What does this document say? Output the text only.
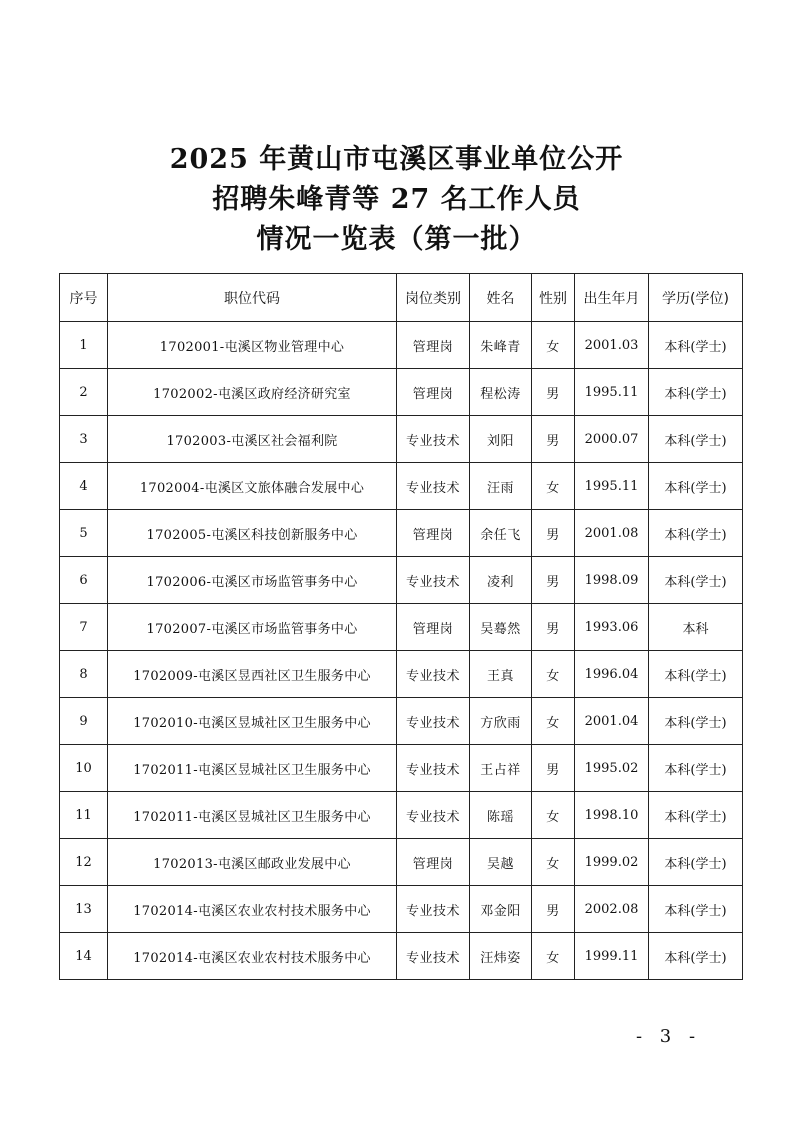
2025 年黄山市屯溪区事业单位公开
招聘朱峰青等 27 名工作人员
情况一览表（第一批）
序号	职位代码	岗位类别	姓名	性别	出生年月	学历(学位)
1	1702001-屯溪区物业管理中心	管理岗	朱峰青	女	2001.03	本科(学士)
2	1702002-屯溪区政府经济研究室	管理岗	程松涛	男	1995.11	本科(学士)
3	1702003-屯溪区社会福利院	专业技术	刘阳	男	2000.07	本科(学士)
4	1702004-屯溪区文旅体融合发展中心	专业技术	汪雨	女	1995.11	本科(学士)
5	1702005-屯溪区科技创新服务中心	管理岗	余任飞	男	2001.08	本科(学士)
6	1702006-屯溪区市场监管事务中心	专业技术	凌利	男	1998.09	本科(学士)
7	1702007-屯溪区市场监管事务中心	管理岗	吴蓦然	男	1993.06	本科
8	1702009-屯溪区昱西社区卫生服务中心	专业技术	王真	女	1996.04	本科(学士)
9	1702010-屯溪区昱城社区卫生服务中心	专业技术	方欣雨	女	2001.04	本科(学士)
10	1702011-屯溪区昱城社区卫生服务中心	专业技术	王占祥	男	1995.02	本科(学士)
11	1702011-屯溪区昱城社区卫生服务中心	专业技术	陈瑶	女	1998.10	本科(学士)
12	1702013-屯溪区邮政业发展中心	管理岗	吴越	女	1999.02	本科(学士)
13	1702014-屯溪区农业农村技术服务中心	专业技术	邓金阳	男	2002.08	本科(学士)
14	1702014-屯溪区农业农村技术服务中心	专业技术	汪炜姿	女	1999.11	本科(学士)
- 3 -
